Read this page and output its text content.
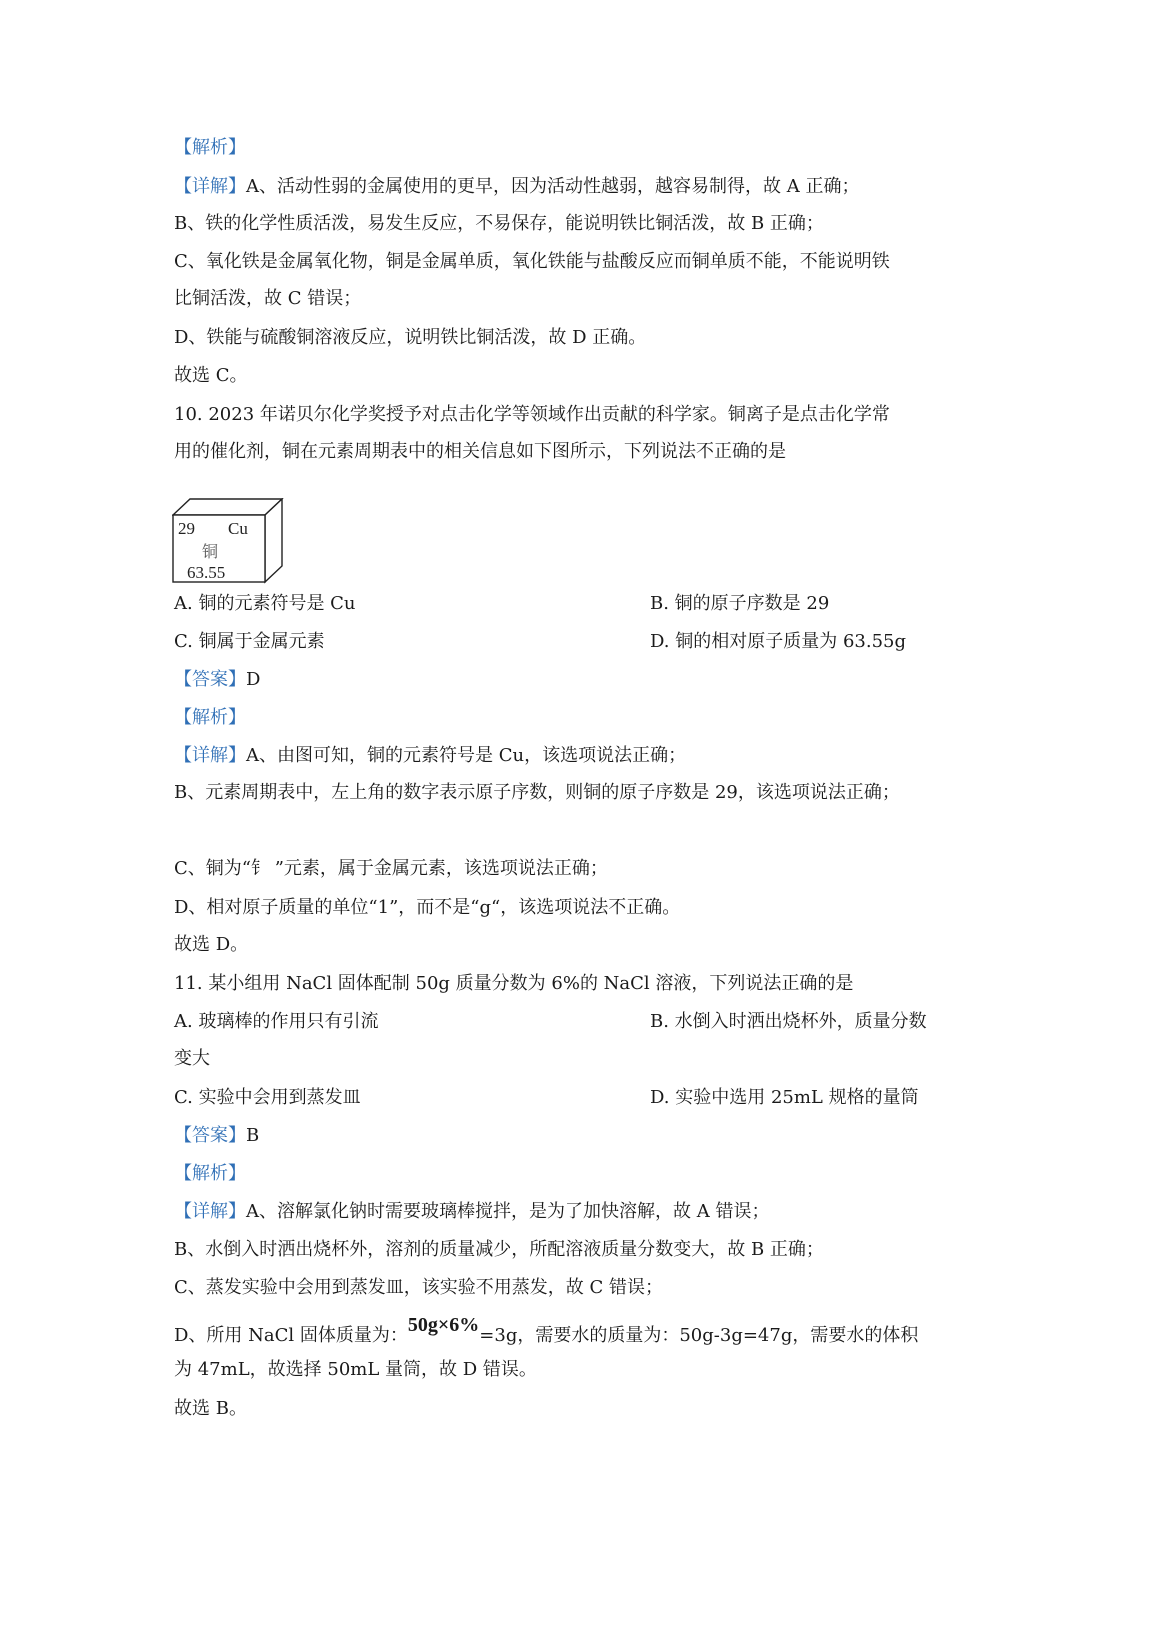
【解析】
【详解】A、活动性弱的金属使用的更早，因为活动性越弱，越容易制得，故 A 正确；
B、铁的化学性质活泼，易发生反应，不易保存，能说明铁比铜活泼，故 B 正确；
C、氧化铁是金属氧化物，铜是金属单质，氧化铁能与盐酸反应而铜单质不能，不能说明铁
比铜活泼，故 C 错误；
D、铁能与硫酸铜溶液反应，说明铁比铜活泼，故 D 正确。
故选 C。
10. 2023 年诺贝尔化学奖授予对点击化学等领域作出贡献的科学家。铜离子是点击化学常
用的催化剂，铜在元素周期表中的相关信息如下图所示，下列说法不正确的是
29 Cu
铜
63.55
A. 铜的元素符号是 Cu	B. 铜的原子序数是 29
C. 铜属于金属元素	D. 铜的相对原子质量为 63.55g
【答案】D
【解析】
【详解】A、由图可知，铜的元素符号是 Cu，该选项说法正确；
B、元素周期表中，左上角的数字表示原子序数，则铜的原子序数是 29，该选项说法正确；
C、铜为“钅 ”元素，属于金属元素，该选项说法正确；
D、相对原子质量的单位“1”，而不是“g“，该选项说法不正确。
故选 D。
11. 某小组用 NaCl 固体配制 50g 质量分数为 6%的 NaCl 溶液，下列说法正确的是
A. 玻璃棒的作用只有引流	B. 水倒入时洒出烧杯外，质量分数
变大
C. 实验中会用到蒸发皿	D. 实验中选用 25mL 规格的量筒
【答案】B
【解析】
【详解】A、溶解氯化钠时需要玻璃棒搅拌，是为了加快溶解，故 A 错误；
B、水倒入时洒出烧杯外，溶剂的质量减少，所配溶液质量分数变大，故 B 正确；
C、蒸发实验中会用到蒸发皿，该实验不用蒸发，故 C 错误；
D、所用 NaCl 固体质量为：50g×6%=3g，需要水的质量为：50g-3g=47g，需要水的体积
为 47mL，故选择 50mL 量筒，故 D 错误。
故选 B。
